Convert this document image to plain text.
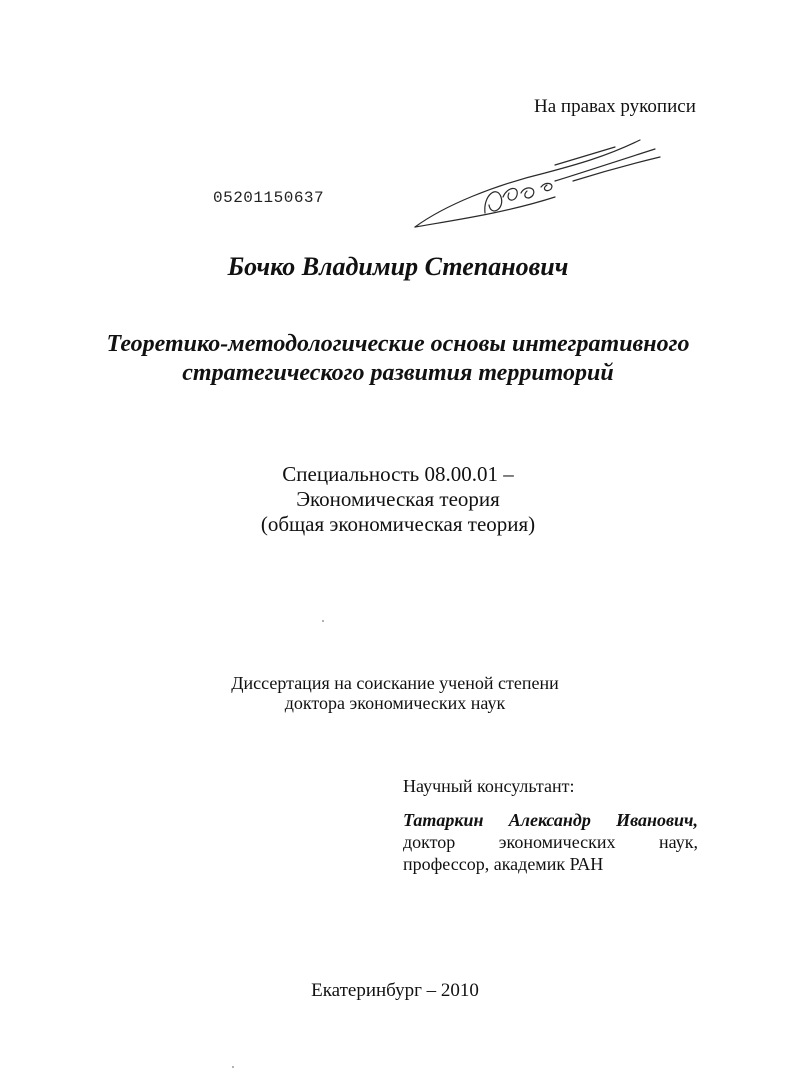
На правах рукописи
05201150637
Бочко Владимир Степанович
Теоретико-методологические основы интегративного
стратегического развития территорий
Специальность 08.00.01 –
Экономическая теория
(общая экономическая теория)
Диссертация на соискание ученой степени
доктора экономических наук
Научный консультант:
Татаркин Александр Иванович,
доктор экономических наук,
профессор, академик РАН
Екатеринбург – 2010
